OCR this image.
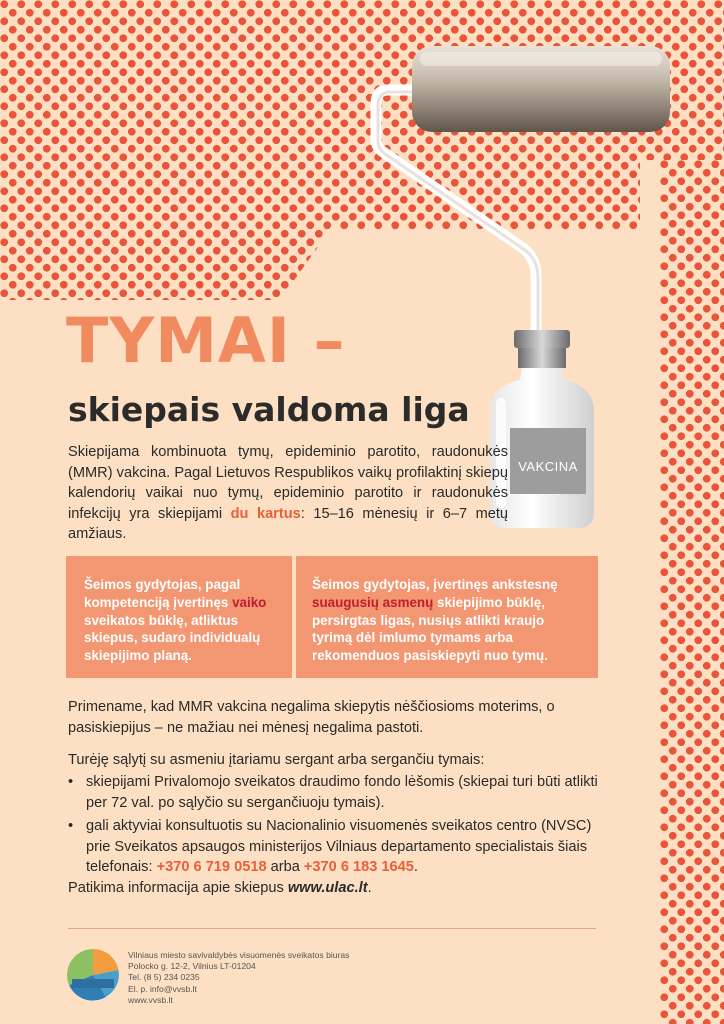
VAKCINA
TYMAI –
skiepais valdoma liga

Skiepijama kombinuota tymų, epideminio parotito, raudonukės (MMR) vakcina. Pagal Lietuvos Respublikos vaikų profilaktinį skiepų kalendorių vaikai nuo tymų, epideminio parotito ir raudonukės infekcijų yra skiepijami du kartus: 15–16 mėnesių ir 6–7 metų amžiaus.

Šeimos gydytojas, pagal kompetenciją įvertinęs vaiko sveikatos būklę, atliktus skiepus, sudaro individualų skiepijimo planą.
Šeimos gydytojas, įvertinęs ankstesnę suaugusių asmenų skiepijimo būklę, persirgtas ligas, nusiųs atlikti kraujo tyrimą dėl imlumo tymams arba rekomenduos pasiskiepyti nuo tymų.

Primename, kad MMR vakcina negalima skiepytis nėščiosioms moterims, o pasiskiepijus – ne mažiau nei mėnesį negalima pastoti.

Turėję sąlytį su asmeniu įtariamu sergant arba sergančiu tymais:

• skiepijami Privalomojo sveikatos draudimo fondo lėšomis (skiepai turi būti atlikti per 72 val. po sąlyčio su sergančiuoju tymais).
• gali aktyviai konsultuotis su Nacionalinio visuomenės sveikatos centro (NVSC) prie Sveikatos apsaugos ministerijos Vilniaus departamento specialistais šiais telefonais: +370 6 719 0518 arba +370 6 183 1645.

Patikima informacija apie skiepus www.ulac.lt.

Vilniaus miesto savivaldybės visuomenės sveikatos biuras
Polocko g. 12-2, Vilnius LT-01204
Tel. (8 5) 234 0235
El. p. info@vvsb.lt
www.vvsb.lt
